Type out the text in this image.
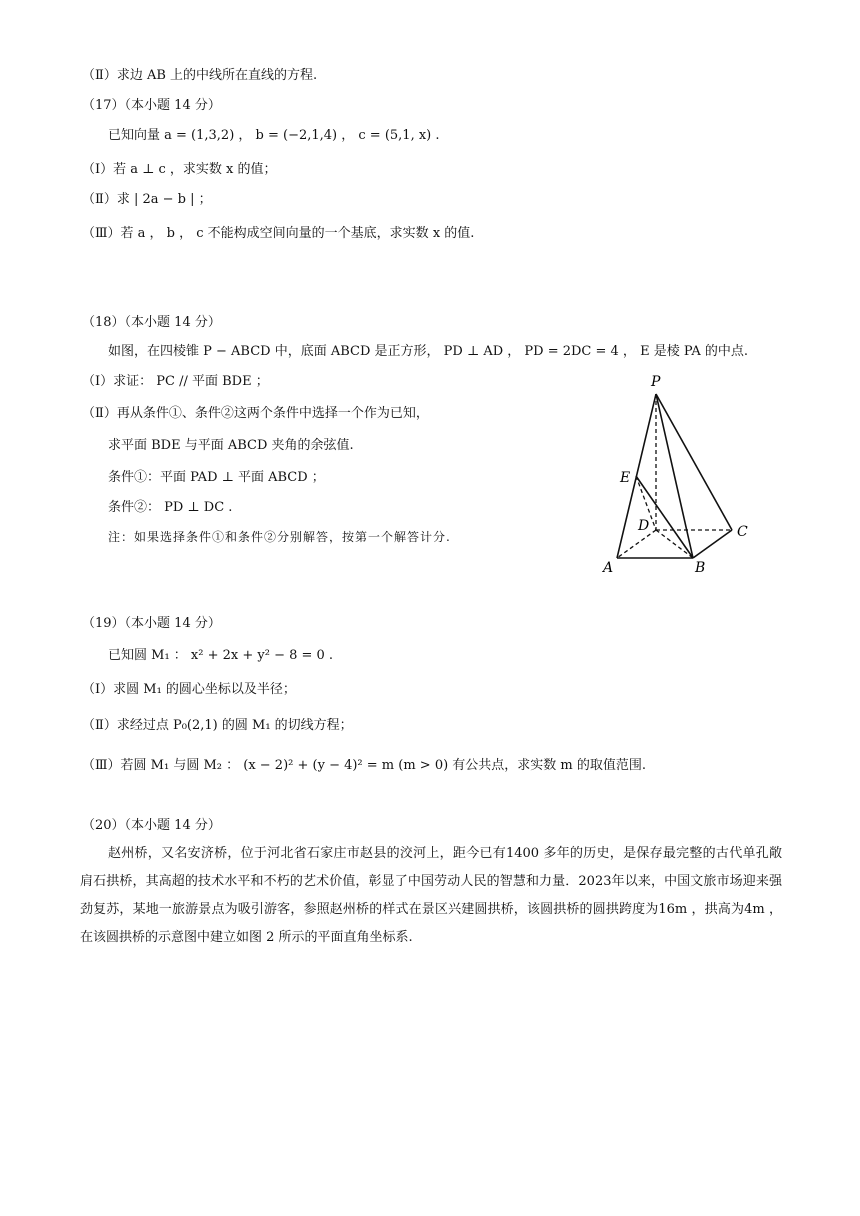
（Ⅱ）求边 AB 上的中线所在直线的方程.
（17）（本小题 14 分）
已知向量 a = (1,3,2) ， b = (−2,1,4) ， c = (5,1, x) .
（Ⅰ）若 a ⊥ c ，求实数 x 的值；
（Ⅱ）求 | 2a − b | ；
（Ⅲ）若 a ， b ， c 不能构成空间向量的一个基底，求实数 x 的值.
（18）（本小题 14 分）
如图，在四棱锥 P − ABCD 中，底面 ABCD 是正方形， PD ⊥ AD ， PD = 2DC = 4 ， E 是棱 PA 的中点.
（Ⅰ）求证： PC // 平面 BDE ；
（Ⅱ）再从条件①、条件②这两个条件中选择一个作为已知，
求平面 BDE 与平面 ABCD 夹角的余弦值.
条件①：平面 PAD ⊥ 平面 ABCD ；
条件②： PD ⊥ DC .
注：如果选择条件①和条件②分别解答，按第一个解答计分.
P
E
D	C
A	B
（19）（本小题 14 分）
已知圆 M₁ ： x² + 2x + y² − 8 = 0 .
（Ⅰ）求圆 M₁ 的圆心坐标以及半径；
（Ⅱ）求经过点 P₀(2,1) 的圆 M₁ 的切线方程；
（Ⅲ）若圆 M₁ 与圆 M₂ ： (x − 2)² + (y − 4)² = m (m > 0) 有公共点，求实数 m 的取值范围.
（20）（本小题 14 分）
赵州桥，又名安济桥，位于河北省石家庄市赵县的洨河上，距今已有1400 多年的历史，是保存最完整的古代单孔敞肩石拱桥，其高超的技术水平和不朽的艺术价值，彰显了中国劳动人民的智慧和力量．2023年以来，中国文旅市场迎来强劲复苏，某地一旅游景点为吸引游客，参照赵州桥的样式在景区兴建圆拱桥，该圆拱桥的圆拱跨度为16m ，拱高为4m ，在该圆拱桥的示意图中建立如图 2 所示的平面直角坐标系.
